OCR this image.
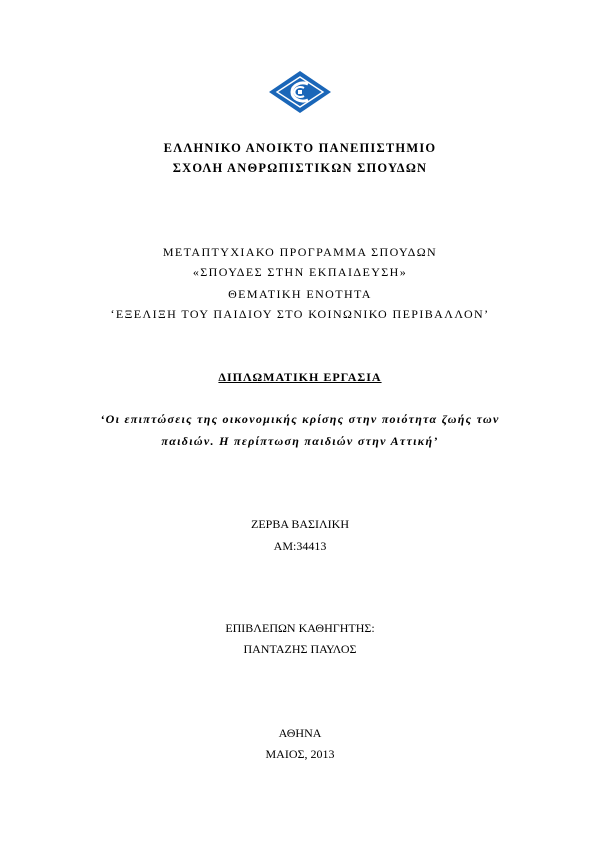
ΕΛΛΗΝΙΚΟ ΑΝΟΙΚΤΟ ΠΑΝΕΠΙΣΤΗΜΙΟ
ΣΧΟΛΗ ΑΝΘΡΩΠΙΣΤΙΚΩΝ ΣΠΟΥΔΩΝ
ΜΕΤΑΠΤΥΧΙΑΚΟ ΠΡΟΓΡΑΜΜΑ ΣΠΟΥΔΩΝ
«ΣΠΟΥΔΕΣ ΣΤΗΝ ΕΚΠΑΙΔΕΥΣΗ»
ΘΕΜΑΤΙΚΗ ΕΝΟΤΗΤΑ
‘ΕΞΕΛΙΞΗ ΤΟΥ ΠΑΙΔΙΟΥ ΣΤΟ ΚΟΙΝΩΝΙΚΟ ΠΕΡΙΒΑΛΛΟΝ’
ΔΙΠΛΩΜΑΤΙΚΗ ΕΡΓΑΣΙΑ
‘Οι επιπτώσεις της οικονομικής κρίσης στην ποιότητα ζωής των
παιδιών. Η περίπτωση παιδιών στην Αττική’
ΖΕΡΒΑ ΒΑΣΙΛΙΚΗ
ΑΜ:34413
ΕΠΙΒΛΕΠΩΝ ΚΑΘΗΓΗΤΗΣ:
ΠΑΝΤΑΖΗΣ ΠΑΥΛΟΣ
ΑΘΗΝΑ
ΜΑΙΟΣ, 2013
